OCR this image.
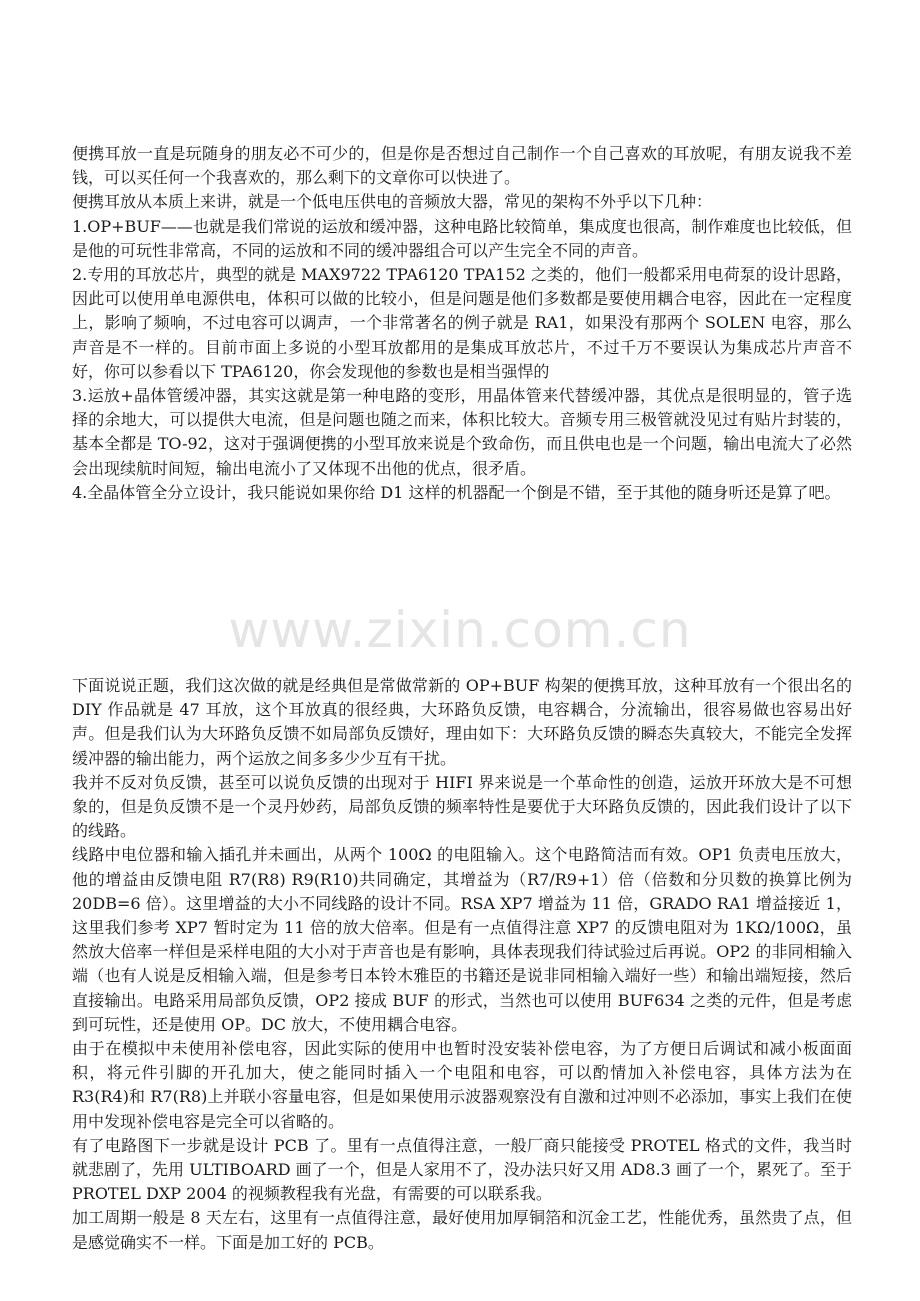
www.zixin.com.cn

便携耳放一直是玩随身的朋友必不可少的，但是你是否想过自己制作一个自己喜欢的耳放呢，有朋友说我不差钱，可以买任何一个我喜欢的，那么剩下的文章你可以快进了。

便携耳放从本质上来讲，就是一个低电压供电的音频放大器，常见的架构不外乎以下几种：

1.OP+BUF——也就是我们常说的运放和缓冲器，这种电路比较简单，集成度也很高，制作难度也比较低，但是他的可玩性非常高，不同的运放和不同的缓冲器组合可以产生完全不同的声音。

2.专用的耳放芯片，典型的就是 MAX9722 TPA6120 TPA152 之类的，他们一般都采用电荷泵的设计思路，因此可以使用单电源供电，体积可以做的比较小，但是问题是他们多数都是要使用耦合电容，因此在一定程度上，影响了频响，不过电容可以调声，一个非常著名的例子就是 RA1，如果没有那两个 SOLEN 电容，那么声音是不一样的。目前市面上多说的小型耳放都用的是集成耳放芯片，不过千万不要误认为集成芯片声音不好，你可以参看以下 TPA6120，你会发现他的参数也是相当强悍的

3.运放+晶体管缓冲器，其实这就是第一种电路的变形，用晶体管来代替缓冲器，其优点是很明显的，管子选择的余地大，可以提供大电流，但是问题也随之而来，体积比较大。音频专用三极管就没见过有贴片封装的，基本全都是 TO-92，这对于强调便携的小型耳放来说是个致命伤，而且供电也是一个问题，输出电流大了必然会出现续航时间短，输出电流小了又体现不出他的优点，很矛盾。

4.全晶体管全分立设计，我只能说如果你给 D1 这样的机器配一个倒是不错，至于其他的随身听还是算了吧。

下面说说正题，我们这次做的就是经典但是常做常新的 OP+BUF 构架的便携耳放，这种耳放有一个很出名的 DIY 作品就是 47 耳放，这个耳放真的很经典，大环路负反馈，电容耦合，分流输出，很容易做也容易出好声。但是我们认为大环路负反馈不如局部负反馈好，理由如下：大环路负反馈的瞬态失真较大，不能完全发挥缓冲器的输出能力，两个运放之间多多少少互有干扰。

我并不反对负反馈，甚至可以说负反馈的出现对于 HIFI 界来说是一个革命性的创造，运放开环放大是不可想象的，但是负反馈不是一个灵丹妙药，局部负反馈的频率特性是要优于大环路负反馈的，因此我们设计了以下的线路。

线路中电位器和输入插孔并未画出，从两个 100Ω 的电阻输入。这个电路简洁而有效。OP1 负责电压放大，他的增益由反馈电阻 R7(R8) R9(R10)共同确定，其增益为（R7/R9+1）倍（倍数和分贝数的换算比例为 20DB=6 倍）。这里增益的大小不同线路的设计不同。RSA XP7 增益为 11 倍，GRADO RA1 增益接近 1，这里我们参考 XP7 暂时定为 11 倍的放大倍率。但是有一点值得注意 XP7 的反馈电阻对为 1KΩ/100Ω，虽然放大倍率一样但是采样电阻的大小对于声音也是有影响，具体表现我们待试验过后再说。OP2 的非同相输入端（也有人说是反相输入端，但是参考日本铃木雅臣的书籍还是说非同相输入端好一些）和输出端短接，然后直接输出。电路采用局部负反馈，OP2 接成 BUF 的形式，当然也可以使用 BUF634 之类的元件，但是考虑到可玩性，还是使用 OP。DC 放大，不使用耦合电容。

由于在模拟中未使用补偿电容，因此实际的使用中也暂时没安装补偿电容，为了方便日后调试和减小板面面积，将元件引脚的开孔加大，使之能同时插入一个电阻和电容，可以酌情加入补偿电容，具体方法为在 R3(R4)和 R7(R8)上并联小容量电容，但是如果使用示波器观察没有自激和过冲则不必添加，事实上我们在使用中发现补偿电容是完全可以省略的。

有了电路图下一步就是设计 PCB 了。里有一点值得注意，一般厂商只能接受 PROTEL 格式的文件，我当时就悲剧了，先用 ULTIBOARD 画了一个，但是人家用不了，没办法只好又用 AD8.3 画了一个，累死了。至于 PROTEL DXP 2004 的视频教程我有光盘，有需要的可以联系我。

加工周期一般是 8 天左右，这里有一点值得注意，最好使用加厚铜箔和沉金工艺，性能优秀，虽然贵了点，但是感觉确实不一样。下面是加工好的 PCB。
